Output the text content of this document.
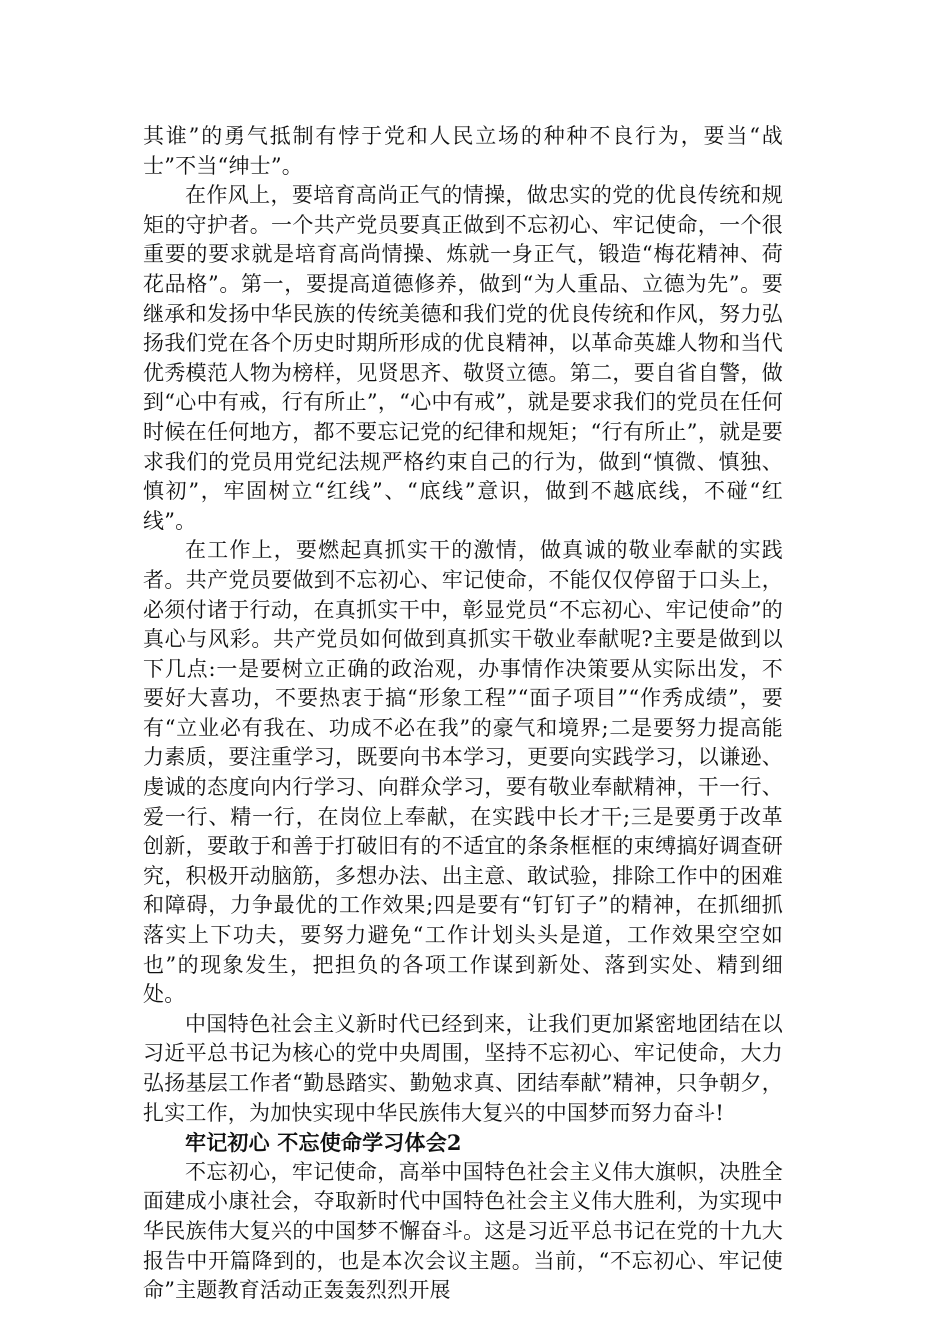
其谁”的勇气抵制有悖于党和人民立场的种种不良行为，要当“战士”不当“绅士”。

在作风上，要培育高尚正气的情操，做忠实的党的优良传统和规矩的守护者。一个共产党员要真正做到不忘初心、牢记使命，一个很重要的要求就是培育高尚情操、炼就一身正气，锻造“梅花精神、荷花品格”。第一，要提高道德修养，做到“为人重品、立德为先”。要继承和发扬中华民族的传统美德和我们党的优良传统和作风，努力弘扬我们党在各个历史时期所形成的优良精神，以革命英雄人物和当代优秀模范人物为榜样，见贤思齐、敬贤立德。第二，要自省自警，做到“心中有戒，行有所止”，“心中有戒”，就是要求我们的党员在任何时候在任何地方，都不要忘记党的纪律和规矩；“行有所止”，就是要求我们的党员用党纪法规严格约束自己的行为，做到“慎微、慎独、慎初”，牢固树立“红线”、“底线”意识，做到不越底线，不碰“红线”。

在工作上，要燃起真抓实干的激情，做真诚的敬业奉献的实践者。共产党员要做到不忘初心、牢记使命，不能仅仅停留于口头上，必须付诸于行动，在真抓实干中，彰显党员“不忘初心、牢记使命”的真心与风彩。共产党员如何做到真抓实干敬业奉献呢?主要是做到以下几点:一是要树立正确的政治观，办事情作决策要从实际出发，不要好大喜功，不要热衷于搞“形象工程”“面子项目”“作秀成绩”，要有“立业必有我在、功成不必在我”的豪气和境界;二是要努力提高能力素质，要注重学习，既要向书本学习，更要向实践学习，以谦逊、虔诚的态度向内行学习、向群众学习，要有敬业奉献精神，干一行、爱一行、精一行，在岗位上奉献，在实践中长才干;三是要勇于改革创新，要敢于和善于打破旧有的不适宜的条条框框的束缚搞好调查研究，积极开动脑筋，多想办法、出主意、敢试验，排除工作中的困难和障碍，力争最优的工作效果;四是要有“钉钉子”的精神，在抓细抓落实上下功夫，要努力避免“工作计划头头是道，工作效果空空如也”的现象发生，把担负的各项工作谋到新处、落到实处、精到细处。

中国特色社会主义新时代已经到来，让我们更加紧密地团结在以习近平总书记为核心的党中央周围，坚持不忘初心、牢记使命，大力弘扬基层工作者“勤恳踏实、勤勉求真、团结奉献”精神，只争朝夕，扎实工作，为加快实现中华民族伟大复兴的中国梦而努力奋斗!

牢记初心 不忘使命学习体会2

不忘初心，牢记使命，高举中国特色社会主义伟大旗帜，决胜全面建成小康社会，夺取新时代中国特色社会主义伟大胜利，为实现中华民族伟大复兴的中国梦不懈奋斗。这是习近平总书记在党的十九大报告中开篇降到的，也是本次会议主题。当前，“不忘初心、牢记使命”主题教育活动正轰轰烈烈开展
